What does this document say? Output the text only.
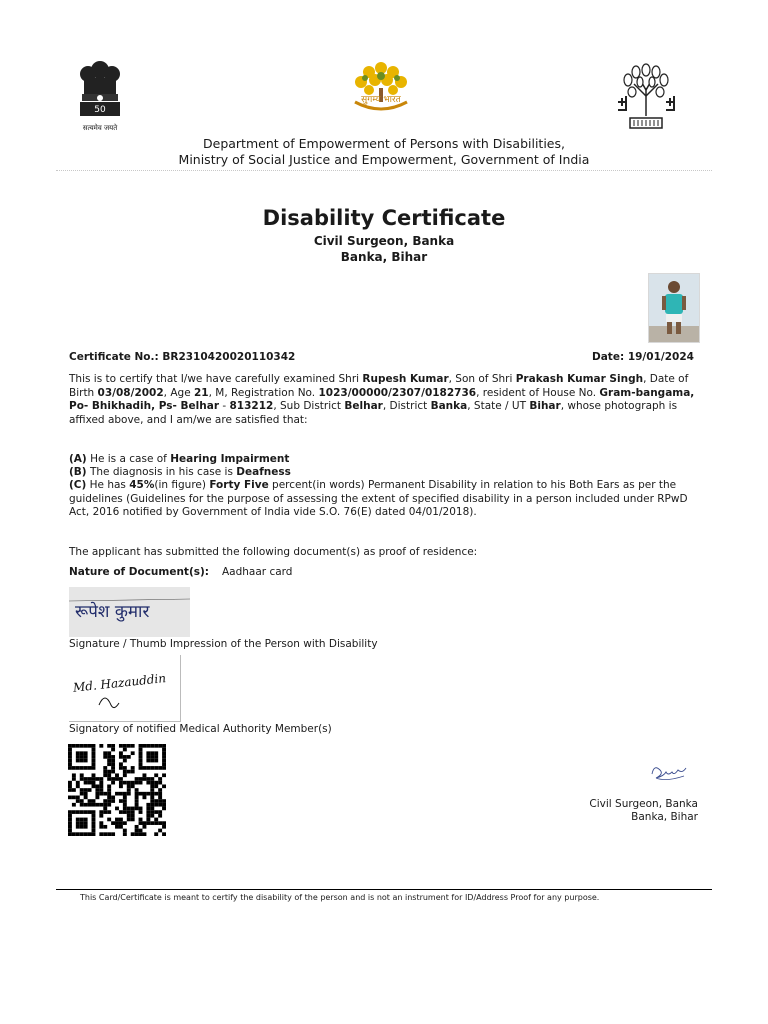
50
सत्यमेव जयते
सुगम्य भारत
Department of Empowerment of Persons with Disabilities,
Ministry of Social Justice and Empowerment, Government of India
Disability Certificate
Civil Surgeon, Banka
Banka, Bihar
Certificate No.: BR2310420020110342	Date: 19/01/2024
This is to certify that I/we have carefully examined Shri Rupesh Kumar, Son of Shri Prakash Kumar Singh, Date of Birth 03/08/2002, Age 21, M, Registration No. 1023/00000/2307/0182736, resident of House No. Gram-bangama, Po- Bhikhadih, Ps- Belhar - 813212, Sub District Belhar, District Banka, State / UT Bihar, whose photograph is affixed above, and I am/we are satisfied that:
(A) He is a case of Hearing Impairment
(B) The diagnosis in his case is Deafness
(C) He has 45%(in figure) Forty Five percent(in words) Permanent Disability in relation to his Both Ears as per the guidelines (Guidelines for the purpose of assessing the extent of specified disability in a person included under RPwD Act, 2016 notified by Government of India vide S.O. 76(E) dated 04/01/2018).
The applicant has submitted the following document(s) as proof of residence:
Nature of Document(s): Aadhaar card
रूपेश कुमार
Signature / Thumb Impression of the Person with Disability
Md. Hazauddin
Signatory of notified Medical Authority Member(s)
Civil Surgeon, Banka
Banka, Bihar
This Card/Certificate is meant to certify the disability of the person and is not an instrument for ID/Address Proof for any purpose.
